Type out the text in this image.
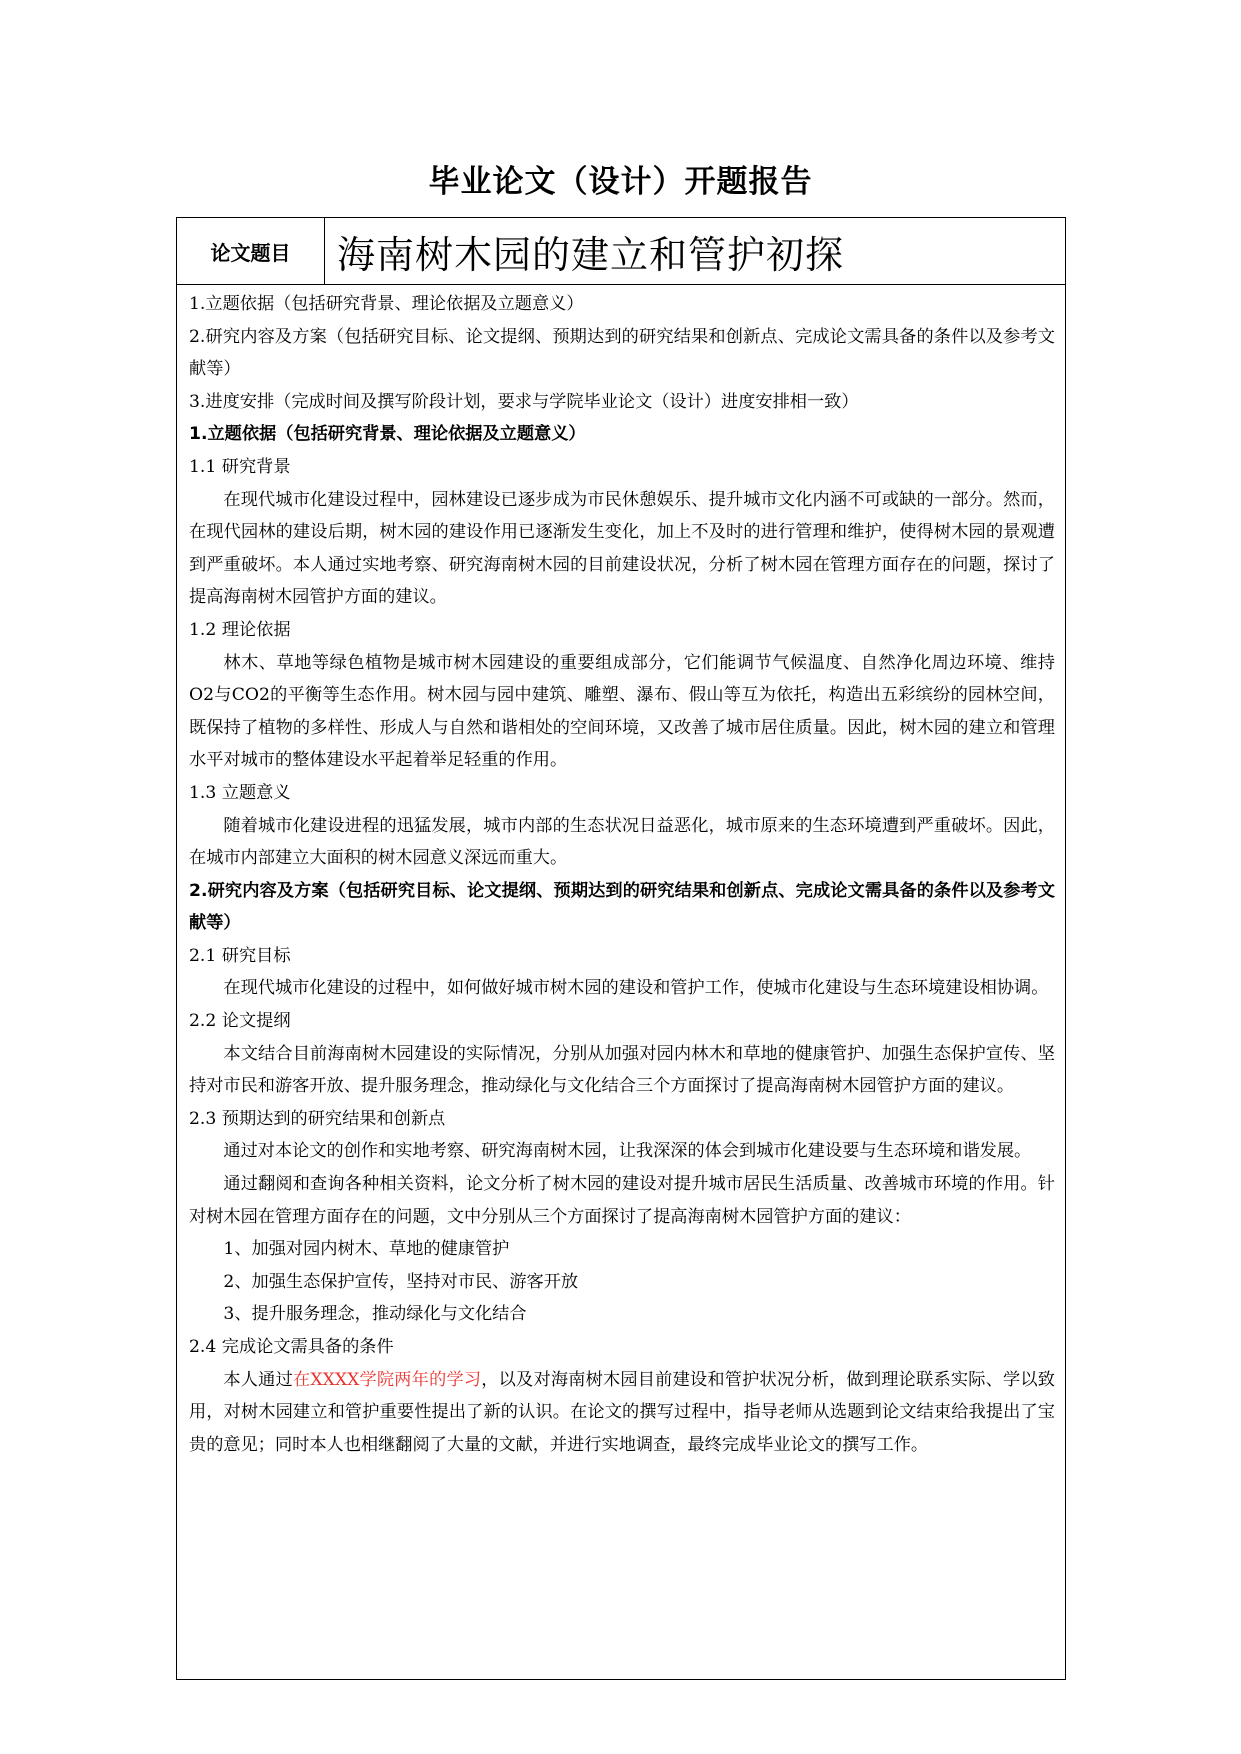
毕业论文（设计）开题报告
论文题目	海南树木园的建立和管护初探

1.立题依据（包括研究背景、理论依据及立题意义）

2.研究内容及方案（包括研究目标、论文提纲、预期达到的研究结果和创新点、完成论文需具备的条件以及参考文献等）

3.进度安排（完成时间及撰写阶段计划，要求与学院毕业论文（设计）进度安排相一致）

1.立题依据（包括研究背景、理论依据及立题意义）

1.1 研究背景

在现代城市化建设过程中，园林建设已逐步成为市民休憩娱乐、提升城市文化内涵不可或缺的一部分。然而，在现代园林的建设后期，树木园的建设作用已逐渐发生变化，加上不及时的进行管理和维护，使得树木园的景观遭到严重破坏。本人通过实地考察、研究海南树木园的目前建设状况，分析了树木园在管理方面存在的问题，探讨了提高海南树木园管护方面的建议。

1.2 理论依据

林木、草地等绿色植物是城市树木园建设的重要组成部分，它们能调节气候温度、自然净化周边环境、维持O2与CO2的平衡等生态作用。树木园与园中建筑、雕塑、瀑布、假山等互为依托，构造出五彩缤纷的园林空间，既保持了植物的多样性、形成人与自然和谐相处的空间环境，又改善了城市居住质量。因此，树木园的建立和管理水平对城市的整体建设水平起着举足轻重的作用。

1.3 立题意义

随着城市化建设进程的迅猛发展，城市内部的生态状况日益恶化，城市原来的生态环境遭到严重破坏。因此，在城市内部建立大面积的树木园意义深远而重大。

2.研究内容及方案（包括研究目标、论文提纲、预期达到的研究结果和创新点、完成论文需具备的条件以及参考文献等）

2.1 研究目标

在现代城市化建设的过程中，如何做好城市树木园的建设和管护工作，使城市化建设与生态环境建设相协调。

2.2 论文提纲

本文结合目前海南树木园建设的实际情况，分别从加强对园内林木和草地的健康管护、加强生态保护宣传、坚持对市民和游客开放、提升服务理念，推动绿化与文化结合三个方面探讨了提高海南树木园管护方面的建议。

2.3 预期达到的研究结果和创新点

通过对本论文的创作和实地考察、研究海南树木园，让我深深的体会到城市化建设要与生态环境和谐发展。

通过翻阅和查询各种相关资料，论文分析了树木园的建设对提升城市居民生活质量、改善城市环境的作用。针对树木园在管理方面存在的问题，文中分别从三个方面探讨了提高海南树木园管护方面的建议：

1、加强对园内树木、草地的健康管护

2、加强生态保护宣传，坚持对市民、游客开放

3、提升服务理念，推动绿化与文化结合

2.4 完成论文需具备的条件

本人通过在XXXX学院两年的学习，以及对海南树木园目前建设和管护状况分析，做到理论联系实际、学以致用，对树木园建立和管护重要性提出了新的认识。在论文的撰写过程中，指导老师从选题到论文结束给我提出了宝贵的意见；同时本人也相继翻阅了大量的文献，并进行实地调查，最终完成毕业论文的撰写工作。
